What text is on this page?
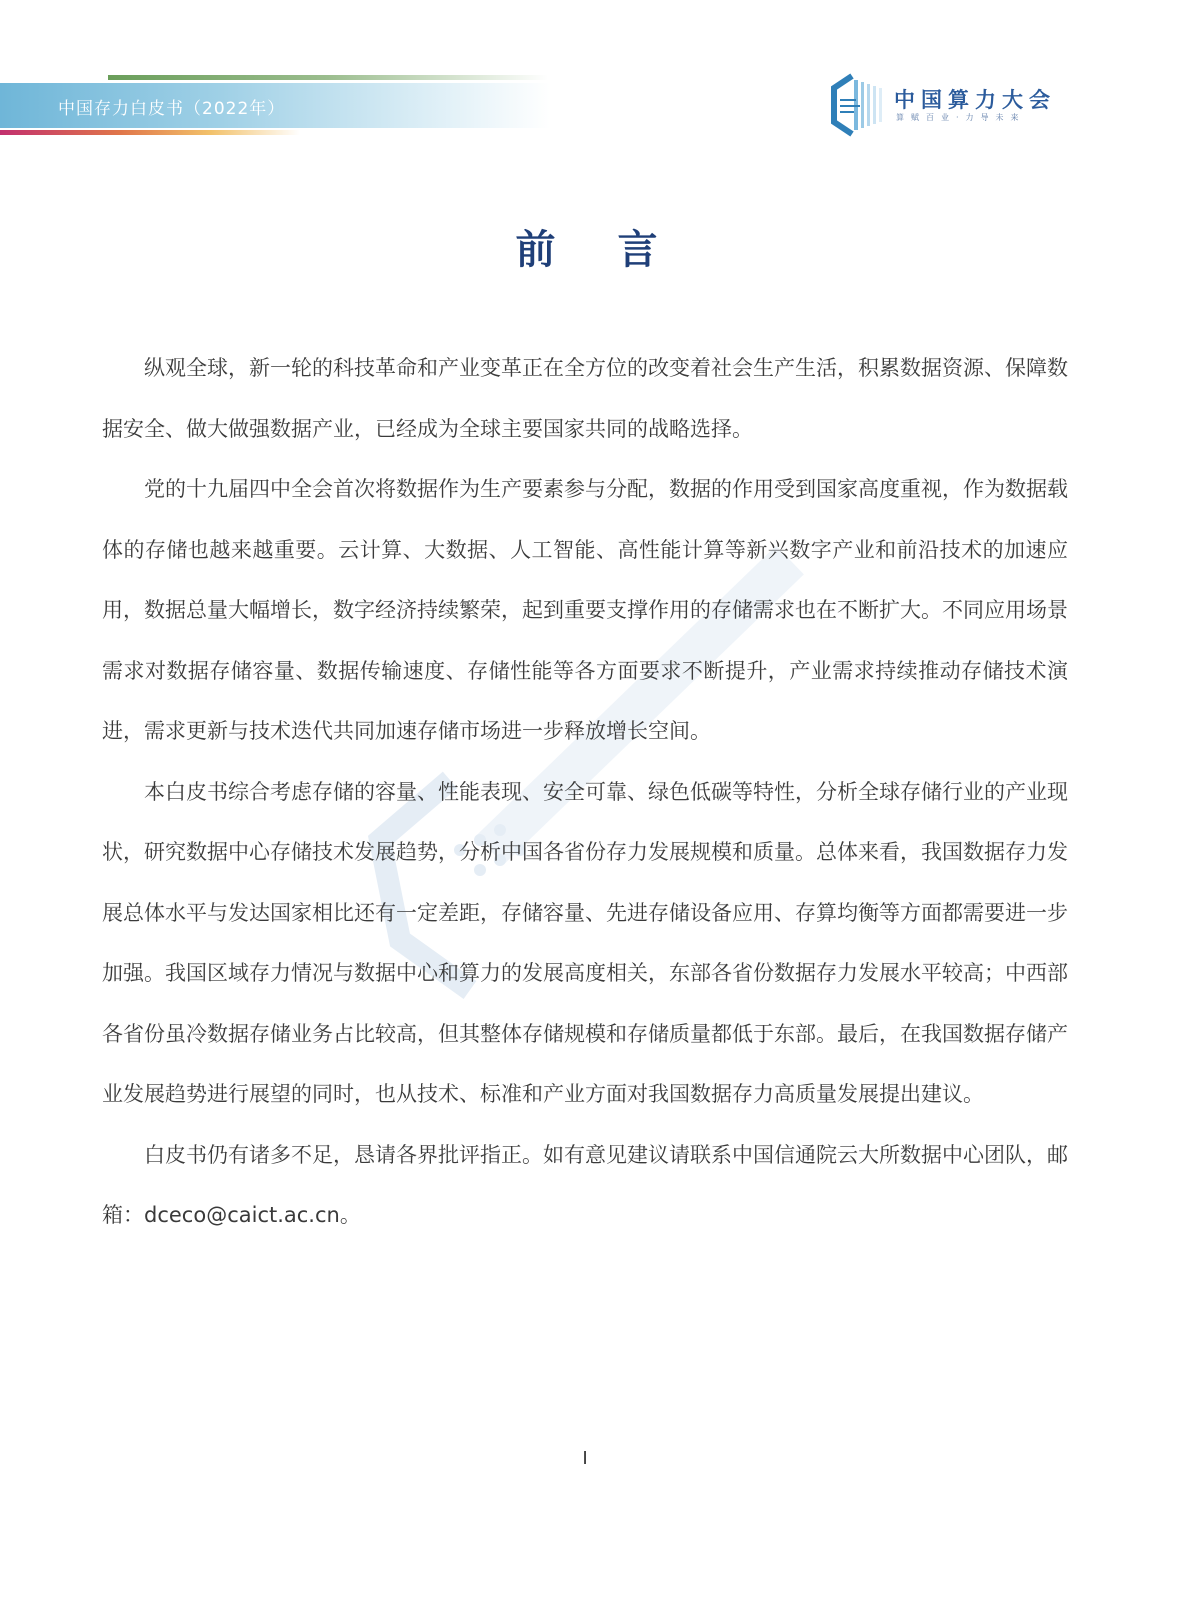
中国存力白皮书（2022年）	中国算力大会
算赋百业·力导未来
前言

纵观全球，新一轮的科技革命和产业变革正在全方位的改变着社会生产生活，积累数据资源、保障数据安全、做大做强数据产业，已经成为全球主要国家共同的战略选择。

党的十九届四中全会首次将数据作为生产要素参与分配，数据的作用受到国家高度重视，作为数据载体的存储也越来越重要。云计算、大数据、人工智能、高性能计算等新兴数字产业和前沿技术的加速应用，数据总量大幅增长，数字经济持续繁荣，起到重要支撑作用的存储需求也在不断扩大。不同应用场景需求对数据存储容量、数据传输速度、存储性能等各方面要求不断提升，产业需求持续推动存储技术演进，需求更新与技术迭代共同加速存储市场进一步释放增长空间。

本白皮书综合考虑存储的容量、性能表现、安全可靠、绿色低碳等特性，分析全球存储行业的产业现状，研究数据中心存储技术发展趋势，分析中国各省份存力发展规模和质量。总体来看，我国数据存力发展总体水平与发达国家相比还有一定差距，存储容量、先进存储设备应用、存算均衡等方面都需要进一步加强。我国区域存力情况与数据中心和算力的发展高度相关，东部各省份数据存力发展水平较高；中西部各省份虽冷数据存储业务占比较高，但其整体存储规模和存储质量都低于东部。最后，在我国数据存储产业发展趋势进行展望的同时，也从技术、标准和产业方面对我国数据存力高质量发展提出建议。

白皮书仍有诸多不足，恳请各界批评指正。如有意见建议请联系中国信通院云大所数据中心团队，邮箱：dceco@caict.ac.cn。

I
